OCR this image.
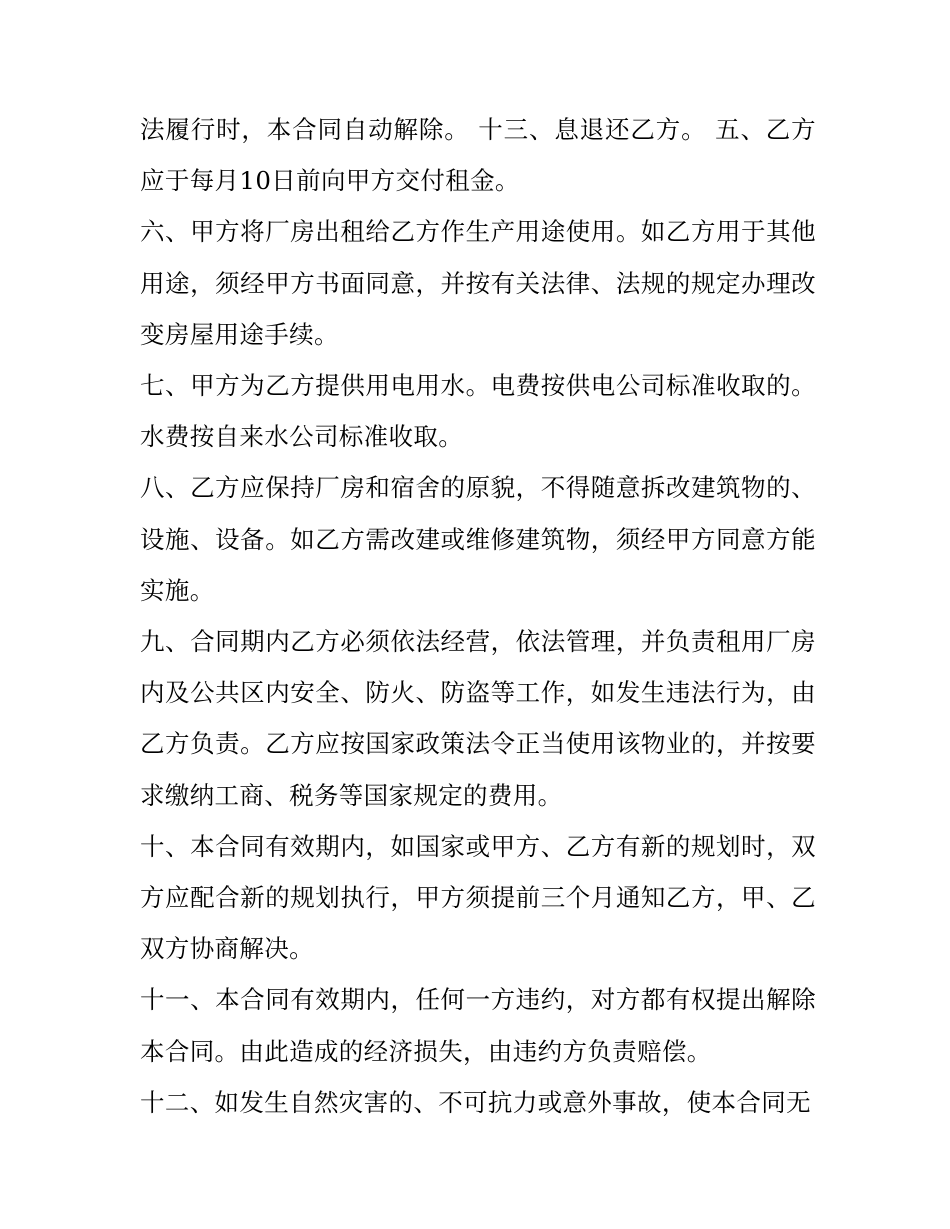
法履行时，本合同自动解除。 十三、息退还乙方。 五、乙方应于每月10日前向甲方交付租金。

六、甲方将厂房出租给乙方作生产用途使用。如乙方用于其他用途，须经甲方书面同意，并按有关法律、法规的规定办理改变房屋用途手续。

七、甲方为乙方提供用电用水。电费按供电公司标准收取的。水费按自来水公司标准收取。

八、乙方应保持厂房和宿舍的原貌，不得随意拆改建筑物的、设施、设备。如乙方需改建或维修建筑物，须经甲方同意方能实施。

九、合同期内乙方必须依法经营，依法管理，并负责租用厂房内及公共区内安全、防火、防盗等工作，如发生违法行为，由乙方负责。乙方应按国家政策法令正当使用该物业的，并按要求缴纳工商、税务等国家规定的费用。

十、本合同有效期内，如国家或甲方、乙方有新的规划时，双方应配合新的规划执行，甲方须提前三个月通知乙方，甲、乙双方协商解决。

十一、本合同有效期内，任何一方违约，对方都有权提出解除本合同。由此造成的经济损失，由违约方负责赔偿。

十二、如发生自然灾害的、不可抗力或意外事故，使本合同无
